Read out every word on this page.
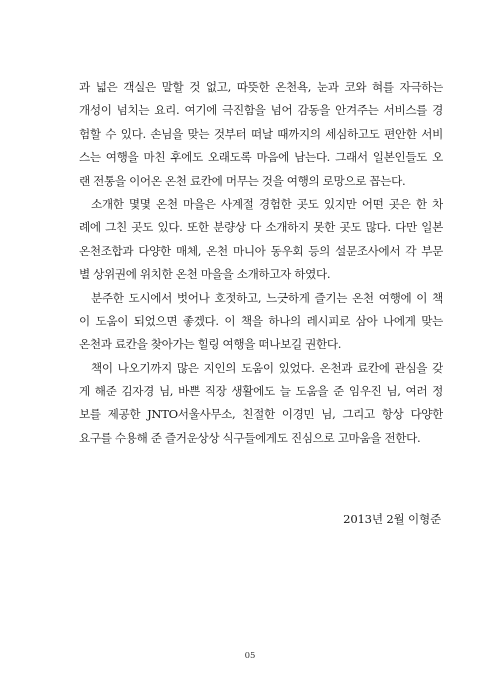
과 넓은 객실은 말할 것 없고, 따뜻한 온천욕, 눈과 코와 혀를 자극하는
개성이 넘치는 요리. 여기에 극진함을 넘어 감동을 안겨주는 서비스를 경
험할 수 있다. 손님을 맞는 것부터 떠날 때까지의 세심하고도 편안한 서비
스는 여행을 마친 후에도 오래도록 마음에 남는다. 그래서 일본인들도 오
랜 전통을 이어온 온천 료칸에 머무는 것을 여행의 로망으로 꼽는다.
소개한 몇몇 온천 마을은 사계절 경험한 곳도 있지만 어떤 곳은 한 차
례에 그친 곳도 있다. 또한 분량상 다 소개하지 못한 곳도 많다. 다만 일본
온천조합과 다양한 매체, 온천 마니아 동우회 등의 설문조사에서 각 부문
별 상위권에 위치한 온천 마을을 소개하고자 하였다.
분주한 도시에서 벗어나 호젓하고, 느긋하게 즐기는 온천 여행에 이 책
이 도움이 되었으면 좋겠다. 이 책을 하나의 레시피로 삼아 나에게 맞는
온천과 료칸을 찾아가는 힐링 여행을 떠나보길 권한다.
책이 나오기까지 많은 지인의 도움이 있었다. 온천과 료칸에 관심을 갖
게 해준 김자경 님, 바쁜 직장 생활에도 늘 도움을 준 임우진 님, 여러 정
보를 제공한 JNTO서울사무소, 친절한 이경민 님, 그리고 항상 다양한
요구를 수용해 준 즐거운상상 식구들에게도 진심으로 고마움을 전한다.
2013년 2월 이형준
05
